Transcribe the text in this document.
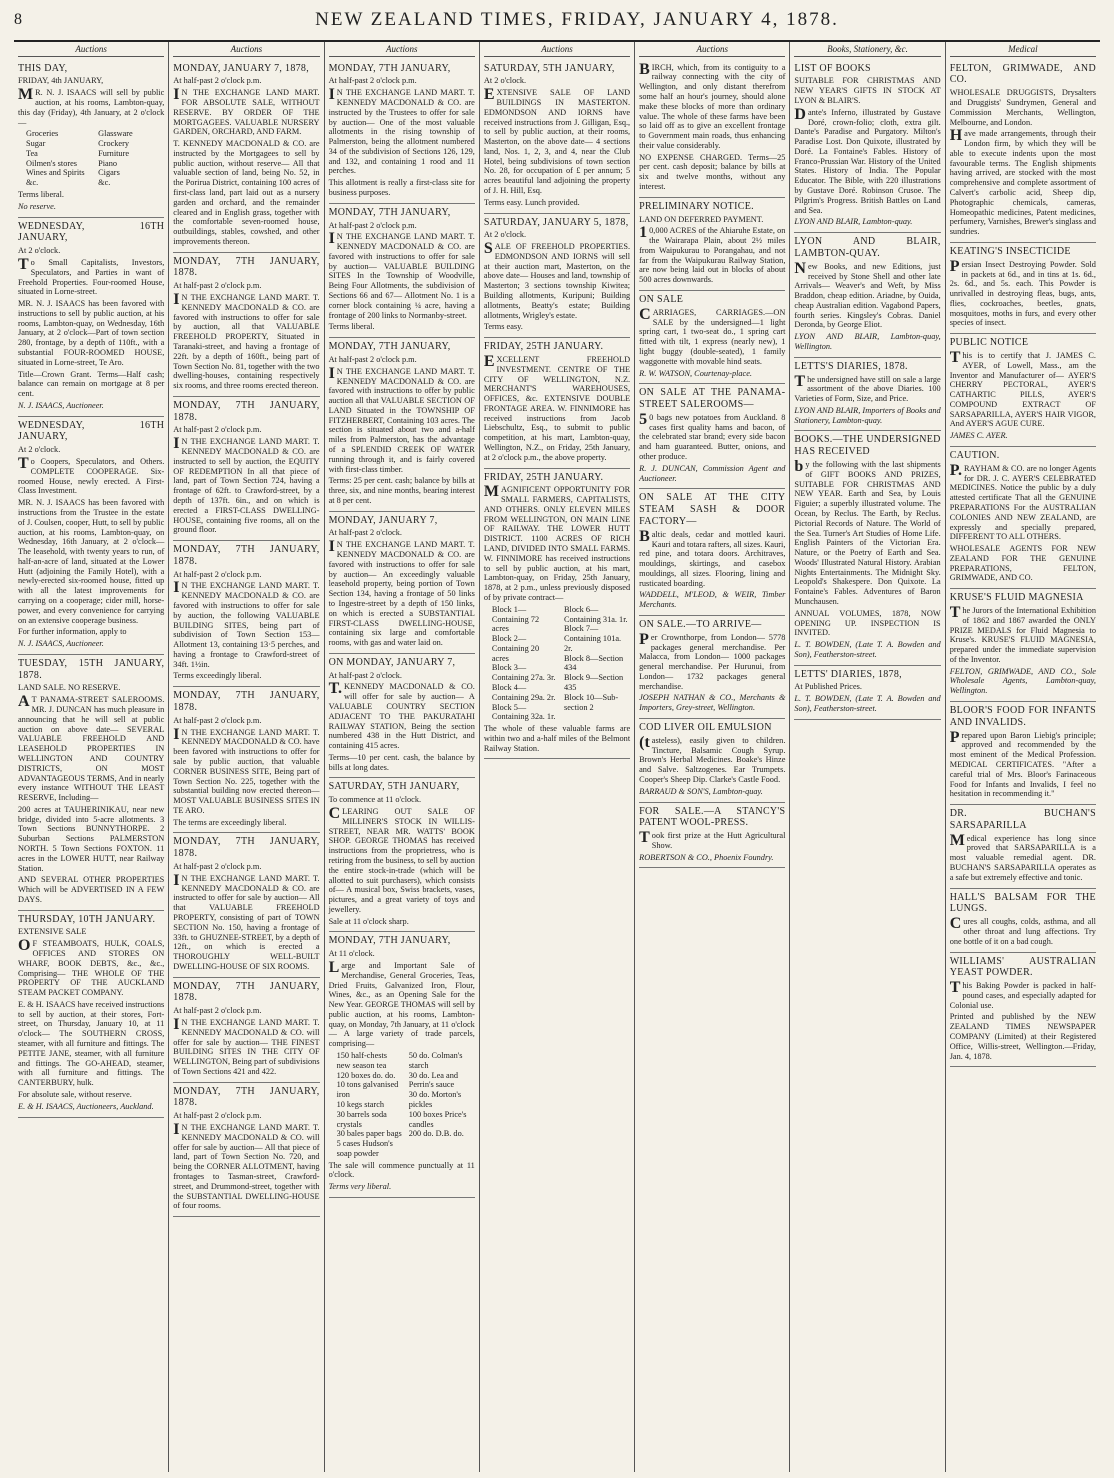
8	NEW ZEALAND TIMES, FRIDAY, JANUARY 4, 1878.
Auctions

THIS DAY,

FRIDAY, 4th JANUARY,

MR. N. J. ISAACS will sell by public auction, at his rooms, Lambton-quay, this day (Friday), 4th January, at 2 o'clock—

Groceries
Sugar
Tea
Oilmen's stores
Wines and Spirits
&c.
Glassware
Crockery
Furniture
Piano
Cigars
&c.

Terms liberal.

No reserve.

WEDNESDAY, 16TH JANUARY,

At 2 o'clock.

To Small Capitalists, Investors, Speculators, and Parties in want of Freehold Properties. Four-roomed House, situated in Lorne-street.

MR. N. J. ISAACS has been favored with instructions to sell by public auction, at his rooms, Lambton-quay, on Wednesday, 16th January, at 2 o'clock—Part of town section 280, frontage, by a depth of 110ft., with a substantial FOUR-ROOMED HOUSE, situated in Lorne-street, Te Aro.

Title—Crown Grant. Terms—Half cash; balance can remain on mortgage at 8 per cent.

N. J. ISAACS, Auctioneer.

WEDNESDAY, 16TH JANUARY,

At 2 o'clock.

To Coopers, Speculators, and Others. COMPLETE COOPERAGE. Six-roomed House, newly erected. A First-Class Investment.

MR. N. J. ISAACS has been favored with instructions from the Trustee in the estate of J. Coulsen, cooper, Hutt, to sell by public auction, at his rooms, Lambton-quay, on Wednesday, 16th January, at 2 o'clock— The leasehold, with twenty years to run, of half-an-acre of land, situated at the Lower Hutt (adjoining the Family Hotel), with a newly-erected six-roomed house, fitted up with all the latest improvements for carrying on a cooperage; cider mill, horse-power, and every convenience for carrying on an extensive cooperage business.

For further information, apply to

N. J. ISAACS, Auctioneer.

TUESDAY, 15TH JANUARY, 1878.

LAND SALE. NO RESERVE.

AT PANAMA-STREET SALEROOMS. MR. J. DUNCAN has much pleasure in announcing that he will sell at public auction on above date— SEVERAL VALUABLE FREEHOLD AND LEASEHOLD PROPERTIES IN WELLINGTON AND COUNTRY DISTRICTS, ON MOST ADVANTAGEOUS TERMS, And in nearly every instance WITHOUT THE LEAST RESERVE, Including—

200 acres at TAUHERINIKAU, near new bridge, divided into 5-acre allotments. 3 Town Sections BUNNYTHORPE. 2 Suburban Sections PALMERSTON NORTH. 5 Town Sections FOXTON. 11 acres in the LOWER HUTT, near Railway Station.

AND SEVERAL OTHER PROPERTIES Which will be ADVERTISED IN A FEW DAYS.

THURSDAY, 10TH JANUARY.

EXTENSIVE SALE

OF STEAMBOATS, HULK, COALS, OFFICES AND STORES ON WHARF, BOOK DEBTS, &c., &c., Comprising— THE WHOLE OF THE PROPERTY OF THE AUCKLAND STEAM PACKET COMPANY.

E. & H. ISAACS have received instructions to sell by auction, at their stores, Fort-street, on Thursday, January 10, at 11 o'clock— The SOUTHERN CROSS, steamer, with all furniture and fittings. The PETITE JANE, steamer, with all furniture and fittings. The GO-AHEAD, steamer, with all furniture and fittings. The CANTERBURY, hulk.

For absolute sale, without reserve.

E. & H. ISAACS, Auctioneers, Auckland.

Auctions

MONDAY, JANUARY 7, 1878,

At half-past 2 o'clock p.m.

IN THE EXCHANGE LAND MART. FOR ABSOLUTE SALE, WITHOUT RESERVE. BY ORDER OF THE MORTGAGEES. VALUABLE NURSERY GARDEN, ORCHARD, AND FARM.

T. KENNEDY MACDONALD & CO. are instructed by the Mortgagees to sell by public auction, without reserve— All that valuable section of land, being No. 52, in the Porirua District, containing 100 acres of first-class land, part laid out as a nursery garden and orchard, and the remainder cleared and in English grass, together with the comfortable seven-roomed house, outbuildings, stables, cowshed, and other improvements thereon.

MONDAY, 7TH JANUARY, 1878.

At half-past 2 o'clock p.m.

IN THE EXCHANGE LAND MART. T. KENNEDY MACDONALD & CO. are favored with instructions to offer for sale by auction, all that VALUABLE FREEHOLD PROPERTY, Situated in Taranaki-street, and having a frontage of 22ft. by a depth of 160ft., being part of Town Section No. 81, together with the two dwelling-houses, containing respectively six rooms, and three rooms erected thereon.

MONDAY, 7TH JANUARY, 1878.

At half-past 2 o'clock p.m.

IN THE EXCHANGE LAND MART. T. KENNEDY MACDONALD & CO. are instructed to sell by auction, the EQUITY OF REDEMPTION In all that piece of land, part of Town Section 724, having a frontage of 62ft. to Crawford-street, by a depth of 137ft. 6in., and on which is erected a FIRST-CLASS DWELLING-HOUSE, containing five rooms, all on the ground floor.

MONDAY, 7TH JANUARY, 1878.

At half-past 2 o'clock p.m.

IN THE EXCHANGE LAND MART. T. KENNEDY MACDONALD & CO. are favored with instructions to offer for sale by auction, the following VALUABLE BUILDING SITES, being part of subdivision of Town Section 153— Allotment 13, containing 13·5 perches, and having a frontage to Crawford-street of 34ft. 1½in.

Terms exceedingly liberal.

MONDAY, 7TH JANUARY, 1878.

At half-past 2 o'clock p.m.

IN THE EXCHANGE LAND MART. T. KENNEDY MACDONALD & CO. have been favored with instructions to offer for sale by public auction, that valuable CORNER BUSINESS SITE, Being part of Town Section No. 225, together with the substantial building now erected thereon— MOST VALUABLE BUSINESS SITES IN TE ARO.

The terms are exceedingly liberal.

MONDAY, 7TH JANUARY, 1878.

At half-past 2 o'clock p.m.

IN THE EXCHANGE LAND MART. T. KENNEDY MACDONALD & CO. are instructed to offer for sale by auction— All that VALUABLE FREEHOLD PROPERTY, consisting of part of TOWN SECTION No. 150, having a frontage of 33ft. to GHUZNEE-STREET, by a depth of 12ft., on which is erected a THOROUGHLY WELL-BUILT DWELLING-HOUSE OF SIX ROOMS.

MONDAY, 7TH JANUARY, 1878.

At half-past 2 o'clock p.m.

IN THE EXCHANGE LAND MART. T. KENNEDY MACDONALD & CO. will offer for sale by auction— THE FINEST BUILDING SITES IN THE CITY OF WELLINGTON, Being part of subdivisions of Town Sections 421 and 422.

MONDAY, 7TH JANUARY, 1878.

At half-past 2 o'clock p.m.

IN THE EXCHANGE LAND MART. T. KENNEDY MACDONALD & CO. will offer for sale by auction— All that piece of land, part of Town Section No. 720, and being the CORNER ALLOTMENT, having frontages to Tasman-street, Crawford-street, and Drummond-street, together with the SUBSTANTIAL DWELLING-HOUSE of four rooms.

Auctions

MONDAY, 7TH JANUARY,

At half-past 2 o'clock p.m.

IN THE EXCHANGE LAND MART. T. KENNEDY MACDONALD & CO. are instructed by the Trustees to offer for sale by auction— One of the most valuable allotments in the rising township of Palmerston, being the allotment numbered 34 of the subdivision of Sections 126, 129, and 132, and containing 1 rood and 11 perches.

This allotment is really a first-class site for business purposes.

MONDAY, 7TH JANUARY,

At half-past 2 o'clock p.m.

IN THE EXCHANGE LAND MART. T. KENNEDY MACDONALD & CO. are favored with instructions to offer for sale by auction— VALUABLE BUILDING SITES In the Township of Woodville, Being Four Allotments, the subdivision of Sections 66 and 67— Allotment No. 1 is a corner block containing ¼ acre, having a frontage of 200 links to Normanby-street.

Terms liberal.

MONDAY, 7TH JANUARY,

At half-past 2 o'clock p.m.

IN THE EXCHANGE LAND MART. T. KENNEDY MACDONALD & CO. are favored with instructions to offer by public auction all that VALUABLE SECTION OF LAND Situated in the TOWNSHIP OF FITZHERBERT, Containing 103 acres. The section is situated about two and a-half miles from Palmerston, has the advantage of a SPLENDID CREEK OF WATER running through it, and is fairly covered with first-class timber.

Terms: 25 per cent. cash; balance by bills at three, six, and nine months, bearing interest at 8 per cent.

MONDAY, JANUARY 7,

At half-past 2 o'clock.

IN THE EXCHANGE LAND MART. T. KENNEDY MACDONALD & CO. are favored with instructions to offer for sale by auction— An exceedingly valuable leasehold property, being portion of Town Section 134, having a frontage of 50 links to Ingestre-street by a depth of 150 links, on which is erected a SUBSTANTIAL FIRST-CLASS DWELLING-HOUSE, containing six large and comfortable rooms, with gas and water laid on.

ON MONDAY, JANUARY 7,

At half-past 2 o'clock.

T.KENNEDY MACDONALD & CO. will offer for sale by auction— A VALUABLE COUNTRY SECTION ADJACENT TO THE PAKURATAHI RAILWAY STATION, Being the section numbered 438 in the Hutt District, and containing 415 acres.

Terms—10 per cent. cash, the balance by bills at long dates.

SATURDAY, 5TH JANUARY,

To commence at 11 o'clock.

CLEARING OUT SALE OF MILLINER'S STOCK IN WILLIS-STREET, NEAR MR. WATTS' BOOK SHOP. GEORGE THOMAS has received instructions from the proprietress, who is retiring from the business, to sell by auction the entire stock-in-trade (which will be allotted to suit purchasers), which consists of— A musical box, Swiss brackets, vases, pictures, and a great variety of toys and jewellery.

Sale at 11 o'clock sharp.

MONDAY, 7TH JANUARY,

At 11 o'clock.

Large and Important Sale of Merchandise, General Groceries, Teas, Dried Fruits, Galvanized Iron, Flour, Wines, &c., as an Opening Sale for the New Year. GEORGE THOMAS will sell by public auction, at his rooms, Lambton-quay, on Monday, 7th January, at 11 o'clock— A large variety of trade parcels, comprising—

150 half-chests new season tea
120 boxes do. do.
10 tons galvanised iron
10 kegs starch
30 barrels soda crystals
30 bales paper bags
5 cases Hudson's soap powder
50 do. Colman's starch
30 do. Lea and Perrin's sauce
30 do. Morton's pickles
100 boxes Price's candles
200 do. D.B. do.

The sale will commence punctually at 11 o'clock.

Terms very liberal.

Auctions

SATURDAY, 5TH JANUARY,

At 2 o'clock.

EXTENSIVE SALE OF LAND BUILDINGS IN MASTERTON. EDMONDSON AND IORNS have received instructions from J. Gilligan, Esq., to sell by public auction, at their rooms, Masterton, on the above date— 4 sections land, Nos. 1, 2, 3, and 4, near the Club Hotel, being subdivisions of town section No. 28, for occupation of £ per annum; 5 acres beautiful land adjoining the property of J. H. Hill, Esq.

Terms easy. Lunch provided.

SATURDAY, JANUARY 5, 1878,

At 2 o'clock.

SALE OF FREEHOLD PROPERTIES. EDMONDSON AND IORNS will sell at their auction mart, Masterton, on the above date— Houses and land, township of Masterton; 3 sections township Kiwitea; Building allotments, Kuripuni; Building allotments, Beatty's estate; Building allotments, Wrigley's estate.

Terms easy.

FRIDAY, 25TH JANUARY.

EXCELLENT FREEHOLD INVESTMENT. CENTRE OF THE CITY OF WELLINGTON, N.Z. MERCHANT'S WAREHOUSES, OFFICES, &c. EXTENSIVE DOUBLE FRONTAGE AREA. W. FINNIMORE has received instructions from Jacob Liebschultz, Esq., to submit to public competition, at his mart, Lambton-quay, Wellington, N.Z., on Friday, 25th January, at 2 o'clock p.m., the above property.

FRIDAY, 25TH JANUARY.

MAGNIFICENT OPPORTUNITY FOR SMALL FARMERS, CAPITALISTS, AND OTHERS. ONLY ELEVEN MILES FROM WELLINGTON, ON MAIN LINE OF RAILWAY. THE LOWER HUTT DISTRICT. 1100 ACRES OF RICH LAND, DIVIDED INTO SMALL FARMS. W. FINNIMORE has received instructions to sell by public auction, at his mart, Lambton-quay, on Friday, 25th January, 1878, at 2 p.m., unless previously disposed of by private contract—

Block 1—Containing 72 acres
Block 2—Containing 20 acres
Block 3—Containing 27a. 3r.
Block 4—Containing 29a. 2r.
Block 5—Containing 32a. 1r.
Block 6—Containing 31a. 1r.
Block 7—Containing 101a. 2r.
Block 8—Section 434
Block 9—Section 435
Block 10—Sub-section 2

The whole of these valuable farms are within two and a-half miles of the Belmont Railway Station.

Auctions

BIRCH, which, from its contiguity to a railway connecting with the city of Wellington, and only distant therefrom some half an hour's journey, should alone make these blocks of more than ordinary value. The whole of these farms have been so laid off as to give an excellent frontage to Government main roads, thus enhancing their value considerably.

NO EXPENSE CHARGED. Terms—25 per cent. cash deposit; balance by bills at six and twelve months, without any interest.

PRELIMINARY NOTICE.

LAND ON DEFERRED PAYMENT.

10,000 ACRES of the Ahiaruhe Estate, on the Wairarapa Plain, about 2½ miles from Waipukurau to Porangahau, and not far from the Waipukurau Railway Station, are now being laid out in blocks of about 500 acres downwards.

ON SALE

CARRIAGES, CARRIAGES.—ON SALE by the undersigned—1 light spring cart, 1 two-seat do., 1 spring cart fitted with tilt, 1 express (nearly new), 1 light buggy (double-seated), 1 family waggonette with movable hind seats.

R. W. WATSON, Courtenay-place.

ON SALE AT THE PANAMA-STREET SALEROOMS—

50 bags new potatoes from Auckland. 8 cases first quality hams and bacon, of the celebrated star brand; every side bacon and ham guaranteed. Butter, onions, and other produce.

R. J. DUNCAN, Commission Agent and Auctioneer.

ON SALE AT THE CITY STEAM SASH & DOOR FACTORY—

Baltic deals, cedar and mottled kauri. Kauri and totara rafters, all sizes. Kauri, red pine, and totara doors. Architraves, mouldings, skirtings, and casebox mouldings, all sizes. Flooring, lining and rusticated boarding.

WADDELL, M'LEOD, & WEIR, Timber Merchants.

ON SALE.—TO ARRIVE—

Per Crownthorpe, from London— 5778 packages general merchandise. Per Malacca, from London— 1000 packages general merchandise. Per Hurunui, from London— 1732 packages general merchandise.

JOSEPH NATHAN & CO., Merchants & Importers, Grey-street, Wellington.

COD LIVER OIL EMULSION

(tasteless), easily given to children. Tincture, Balsamic Cough Syrup. Brown's Herbal Medicines. Boake's Hinze and Salve. Saltzogenes. Ear Trumpets. Cooper's Sheep Dip. Clarke's Castle Food.

BARRAUD & SON'S, Lambton-quay.

FOR SALE.—A STANCY'S PATENT WOOL-PRESS.

Took first prize at the Hutt Agricultural Show.

ROBERTSON & CO., Phoenix Foundry.

Books, Stationery, &c.

LIST OF BOOKS

SUITABLE FOR CHRISTMAS AND NEW YEAR'S GIFTS IN STOCK AT LYON & BLAIR'S.

Dante's Inferno, illustrated by Gustave Doré, crown-folio; cloth, extra gilt. Dante's Paradise and Purgatory. Milton's Paradise Lost. Don Quixote, illustrated by Doré. La Fontaine's Fables. History of Franco-Prussian War. History of the United States. History of India. The Popular Educator. The Bible, with 220 illustrations by Gustave Doré. Robinson Crusoe. The Pilgrim's Progress. British Battles on Land and Sea.

LYON AND BLAIR, Lambton-quay.

LYON AND BLAIR, LAMBTON-QUAY.

New Books, and new Editions, just received by Stone Shell and other late Arrivals— Weaver's and Weft, by Miss Braddon, cheap edition. Ariadne, by Ouida, cheap Australian edition. Vagabond Papers, fourth series. Kingsley's Cobras. Daniel Deronda, by George Eliot.

LYON AND BLAIR, Lambton-quay, Wellington.

LETTS'S DIARIES, 1878.

The undersigned have still on sale a large assortment of the above Diaries. 100 Varieties of Form, Size, and Price.

LYON AND BLAIR, Importers of Books and Stationery, Lambton-quay.

BOOKS.—THE UNDERSIGNED HAS RECEIVED

by the following with the last shipments of GIFT BOOKS AND PRIZES, SUITABLE FOR CHRISTMAS AND NEW YEAR. Earth and Sea, by Louis Figuier; a superbly illustrated volume. The Ocean, by Reclus. The Earth, by Reclus. Pictorial Records of Nature. The World of the Sea. Turner's Art Studies of Home Life. English Painters of the Victorian Era. Nature, or the Poetry of Earth and Sea. Woods' Illustrated Natural History. Arabian Nights Entertainments. The Midnight Sky. Leopold's Shakespere. Don Quixote. La Fontaine's Fables. Adventures of Baron Munchausen.

ANNUAL VOLUMES, 1878, NOW OPENING UP. INSPECTION IS INVITED.

L. T. BOWDEN, (Late T. A. Bowden and Son), Featherston-street.

LETTS' DIARIES, 1878,

At Published Prices.

L. T. BOWDEN, (Late T. A. Bowden and Son), Featherston-street.

Medical

FELTON, GRIMWADE, AND CO.

WHOLESALE DRUGGISTS, Drysalters and Druggists' Sundrymen, General and Commission Merchants, Wellington, Melbourne, and London.

Have made arrangements, through their London firm, by which they will be able to execute indents upon the most favourable terms. The English shipments having arrived, are stocked with the most comprehensive and complete assortment of Calvert's carbolic acid, Sheep dip, Photographic chemicals, cameras, Homeopathic medicines, Patent medicines, perfumery, Varnishes, Brewer's singlass and sundries.

KEATING'S INSECTICIDE

Persian Insect Destroying Powder. Sold in packets at 6d., and in tins at 1s. 6d., 2s. 6d., and 5s. each. This Powder is unrivalled in destroying fleas, bugs, ants, flies, cockroaches, beetles, gnats, mosquitoes, moths in furs, and every other species of insect.

PUBLIC NOTICE

This is to certify that J. JAMES C. AYER, of Lowell, Mass., am the Inventor and Manufacturer of— AYER'S CHERRY PECTORAL, AYER'S CATHARTIC PILLS, AYER'S COMPOUND EXTRACT OF SARSAPARILLA, AYER'S HAIR VIGOR, And AYER'S AGUE CURE.

JAMES C. AYER.

CAUTION.

P.RAYHAM & CO. are no longer Agents for DR. J. C. AYER'S CELEBRATED MEDICINES. Notice the public by a duly attested certificate That all the GENUINE PREPARATIONS For the AUSTRALIAN COLONIES AND NEW ZEALAND, are expressly and specially prepared, DIFFERENT TO ALL OTHERS.

WHOLESALE AGENTS FOR NEW ZEALAND FOR THE GENUINE PREPARATIONS, FELTON, GRIMWADE, AND CO.

KRUSE'S FLUID MAGNESIA

The Jurors of the International Exhibition of 1862 and 1867 awarded the ONLY PRIZE MEDALS for Fluid Magnesia to Kruse's. KRUSE'S FLUID MAGNESIA, prepared under the immediate supervision of the Inventor.

FELTON, GRIMWADE, AND CO., Sole Wholesale Agents, Lambton-quay, Wellington.

BLOOR'S FOOD FOR INFANTS AND INVALIDS.

Prepared upon Baron Liebig's principle; approved and recommended by the most eminent of the Medical Profession. MEDICAL CERTIFICATES. "After a careful trial of Mrs. Bloor's Farinaceous Food for Infants and Invalids, I feel no hesitation in recommending it."

DR. BUCHAN'S SARSAPARILLA

Medical experience has long since proved that SARSAPARILLA is a most valuable remedial agent. DR. BUCHAN'S SARSAPARILLA operates as a safe but extremely effective and tonic.

HALL'S BALSAM FOR THE LUNGS.

Cures all coughs, colds, asthma, and all other throat and lung affections. Try one bottle of it on a bad cough.

WILLIAMS' AUSTRALIAN YEAST POWDER.

This Baking Powder is packed in half-pound cases, and especially adapted for Colonial use.

Printed and published by the NEW ZEALAND TIMES NEWSPAPER COMPANY (Limited) at their Registered Office, Willis-street, Wellington.—Friday, Jan. 4, 1878.
